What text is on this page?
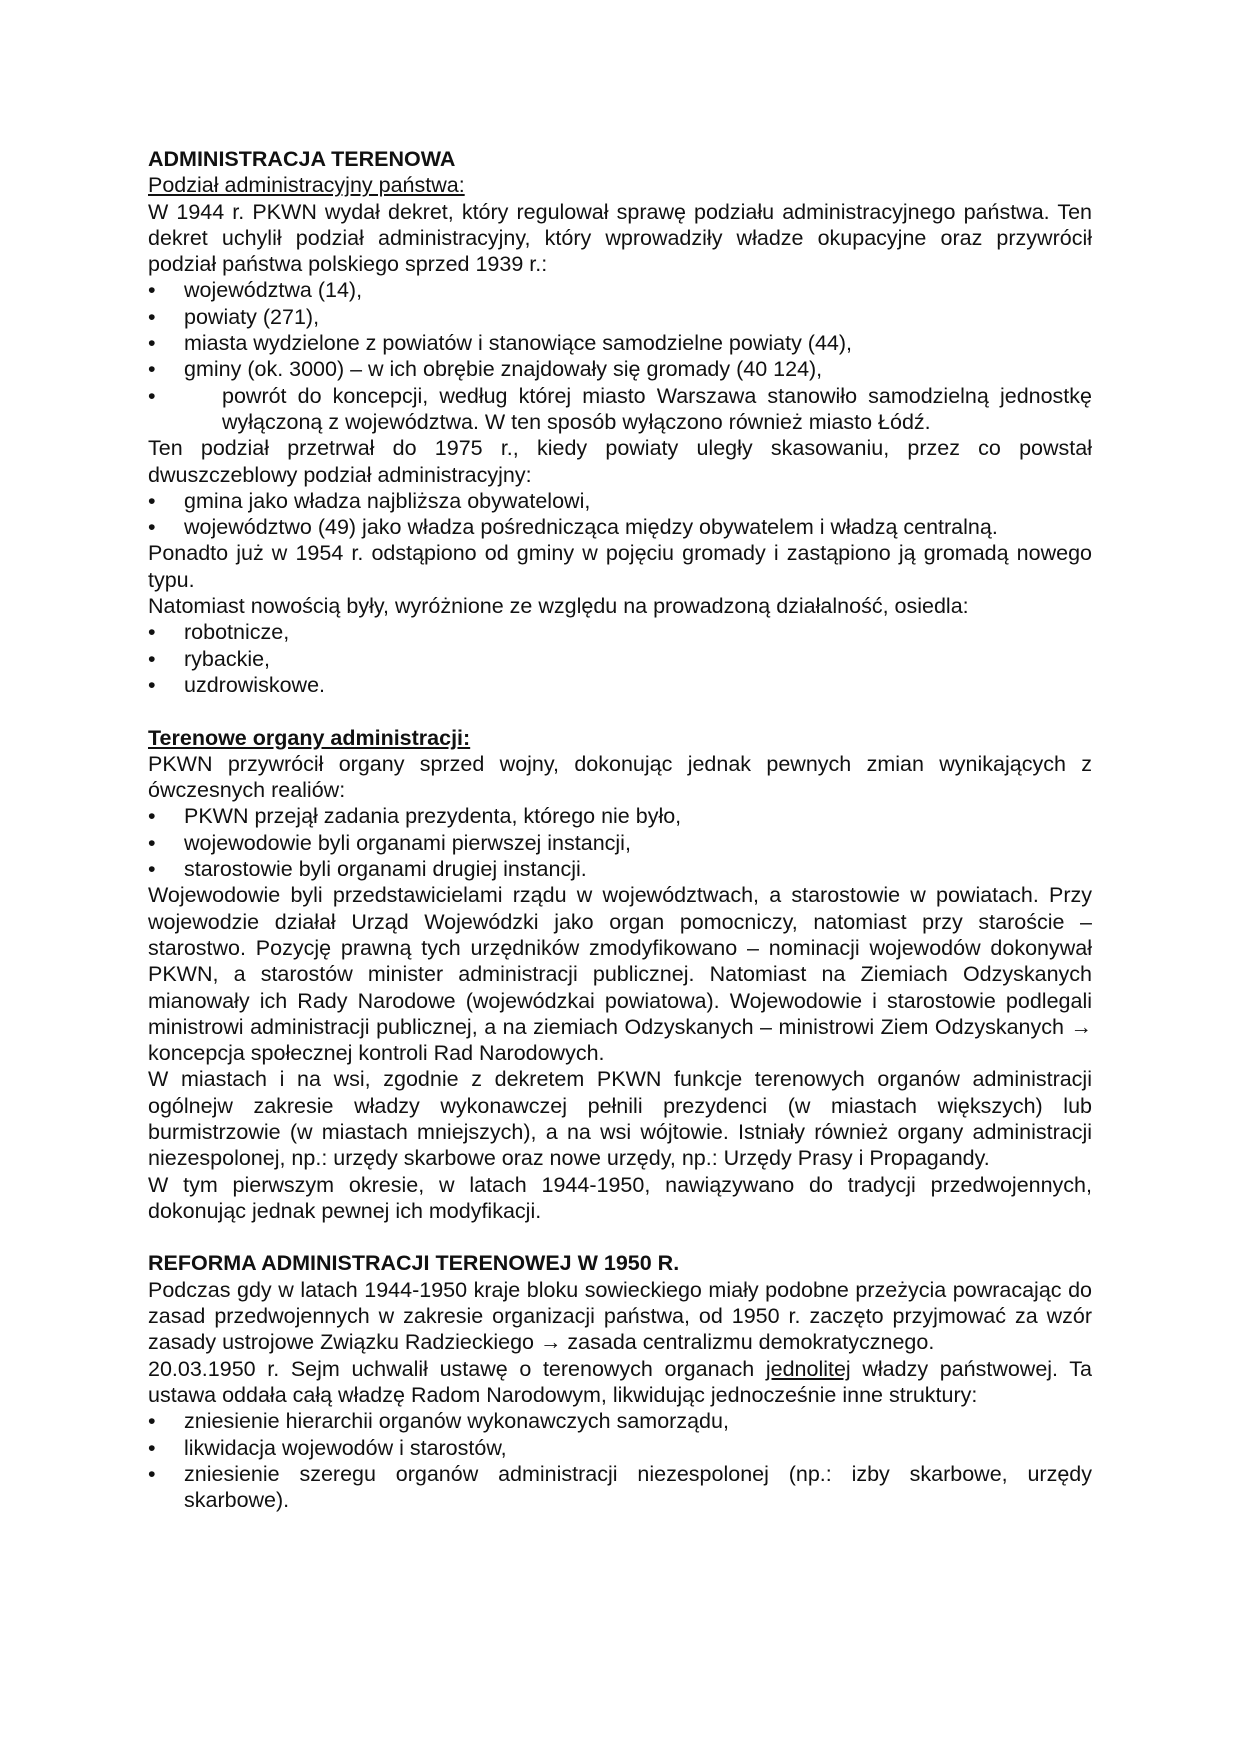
ADMINISTRACJA TERENOWA

Podział administracyjny państwa:

W 1944 r. PKWN wydał dekret, który regulował sprawę podziału administracyjnego państwa. Ten dekret uchylił podział administracyjny, który wprowadziły władze okupacyjne oraz przywrócił podział państwa polskiego sprzed 1939 r.:

• województwa (14),
• powiaty (271),
• miasta wydzielone z powiatów i stanowiące samodzielne powiaty (44),
• gminy (ok. 3000) – w ich obrębie znajdowały się gromady (40 124),
•	powrót do koncepcji, według której miasto Warszawa stanowiło samodzielną jednostkę wyłączoną z województwa. W ten sposób wyłączono również miasto Łódź.

Ten podział przetrwał do 1975 r., kiedy powiaty uległy skasowaniu, przez co powstał dwuszczeblowy podział administracyjny:

• gmina jako władza najbliższa obywatelowi,
• województwo (49) jako władza pośrednicząca między obywatelem i władzą centralną.

Ponadto już w 1954 r. odstąpiono od gminy w pojęciu gromady i zastąpiono ją gromadą nowego typu.

Natomiast nowością były, wyróżnione ze względu na prowadzoną działalność, osiedla:

• robotnicze,
• rybackie,
• uzdrowiskowe.

Terenowe organy administracji:

PKWN przywrócił organy sprzed wojny, dokonując jednak pewnych zmian wynikających z ówczesnych realiów:

• PKWN przejął zadania prezydenta, którego nie było,
• wojewodowie byli organami pierwszej instancji,
• starostowie byli organami drugiej instancji.

Wojewodowie byli przedstawicielami rządu w województwach, a starostowie w powiatach. Przy wojewodzie działał Urząd Wojewódzki jako organ pomocniczy, natomiast przy staroście – starostwo. Pozycję prawną tych urzędników zmodyfikowano – nominacji wojewodów dokonywał PKWN, a starostów minister administracji publicznej. Natomiast na Ziemiach Odzyskanych mianowały ich Rady Narodowe (wojewódzkai powiatowa). Wojewodowie i starostowie podlegali ministrowi administracji publicznej, a na ziemiach Odzyskanych – ministrowi Ziem Odzyskanych → koncepcja społecznej kontroli Rad Narodowych.

W miastach i na wsi, zgodnie z dekretem PKWN funkcje terenowych organów administracji ogólnejw zakresie władzy wykonawczej pełnili prezydenci (w miastach większych) lub burmistrzowie (w miastach mniejszych), a na wsi wójtowie. Istniały również organy administracji niezespolonej, np.: urzędy skarbowe oraz nowe urzędy, np.: Urzędy Prasy i Propagandy.

W tym pierwszym okresie, w latach 1944-1950, nawiązywano do tradycji przedwojennych, dokonując jednak pewnej ich modyfikacji.

REFORMA ADMINISTRACJI TERENOWEJ W 1950 R.

Podczas gdy w latach 1944-1950 kraje bloku sowieckiego miały podobne przeżycia powracając do zasad przedwojennych w zakresie organizacji państwa, od 1950 r. zaczęto przyjmować za wzór zasady ustrojowe Związku Radzieckiego → zasada centralizmu demokratycznego.

20.03.1950 r. Sejm uchwalił ustawę o terenowych organach jednolitej władzy państwowej. Ta ustawa oddała całą władzę Radom Narodowym, likwidując jednocześnie inne struktury:

• zniesienie hierarchii organów wykonawczych samorządu,
• likwidacja wojewodów i starostów,
• zniesienie szeregu organów administracji niezespolonej (np.: izby skarbowe, urzędy skarbowe).
